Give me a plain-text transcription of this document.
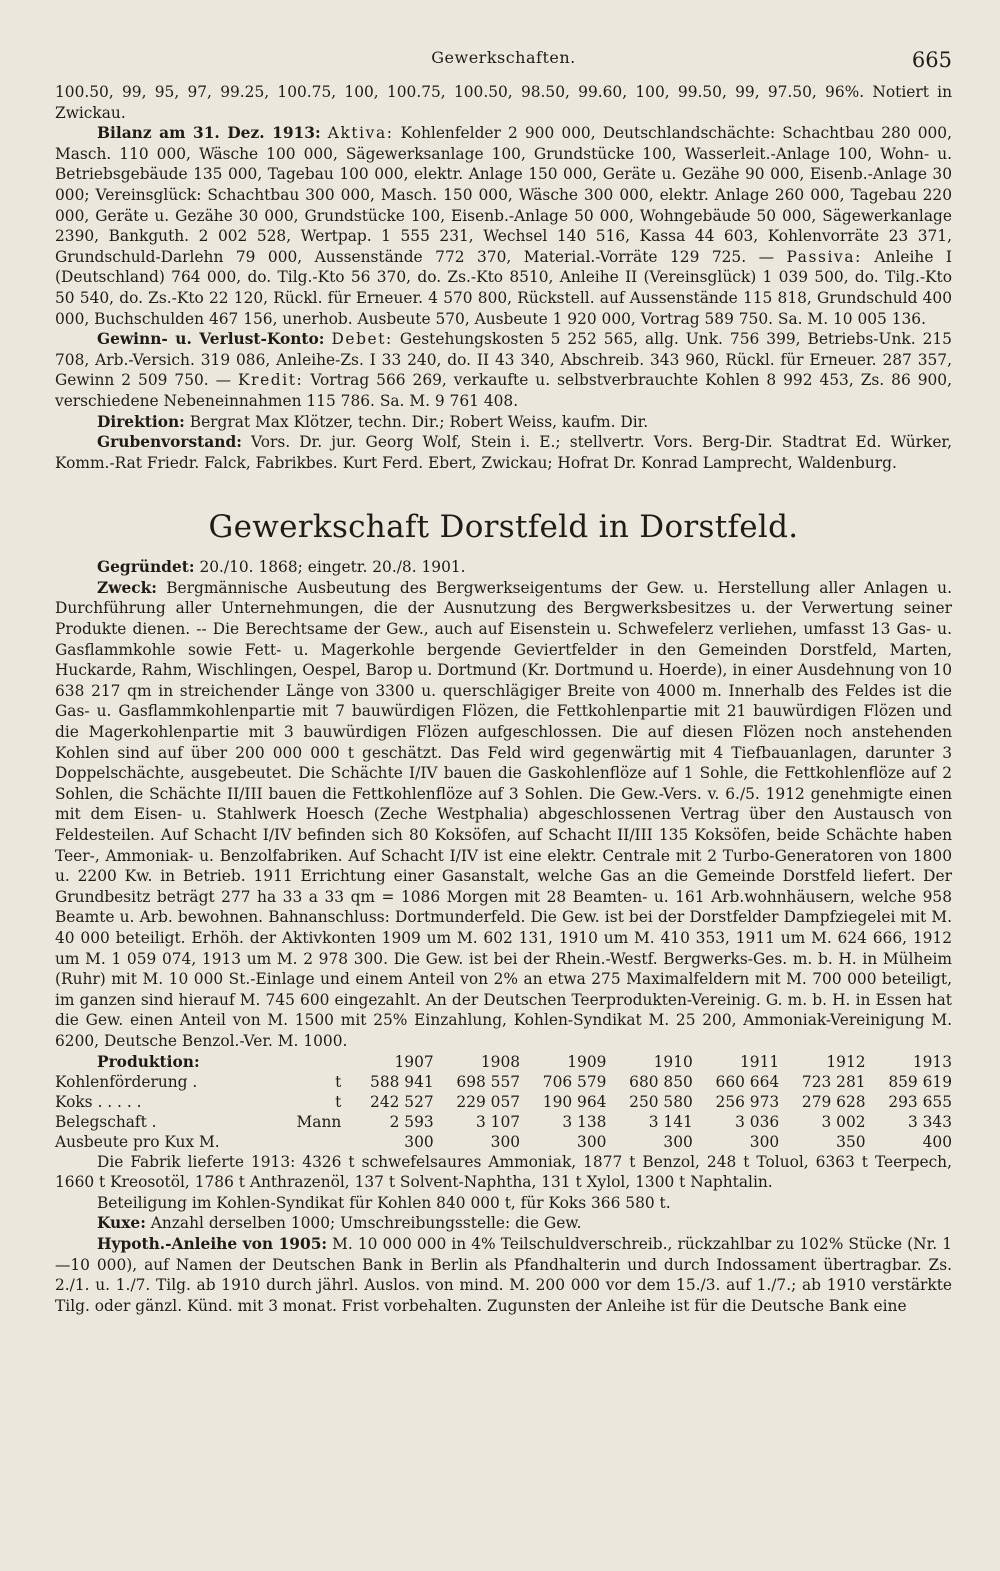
Gewerkschaften.	665

100.50, 99, 95, 97, 99.25, 100.75, 100, 100.75, 100.50, 98.50, 99.60, 100, 99.50, 99, 97.50, 96%. Notiert in Zwickau.

Bilanz am 31. Dez. 1913: Aktiva: Kohlenfelder 2 900 000, Deutschlandschächte: Schachtbau 280 000, Masch. 110 000, Wäsche 100 000, Sägewerksanlage 100, Grundstücke 100, Wasserleit.-Anlage 100, Wohn- u. Betriebsgebäude 135 000, Tagebau 100 000, elektr. Anlage 150 000, Geräte u. Gezähe 90 000, Eisenb.-Anlage 30 000; Vereinsglück: Schachtbau 300 000, Masch. 150 000, Wäsche 300 000, elektr. Anlage 260 000, Tagebau 220 000, Geräte u. Gezähe 30 000, Grundstücke 100, Eisenb.-Anlage 50 000, Wohngebäude 50 000, Sägewerkanlage 2390, Bankguth. 2 002 528, Wertpap. 1 555 231, Wechsel 140 516, Kassa 44 603, Kohlenvorräte 23 371, Grundschuld-Darlehn 79 000, Aussenstände 772 370, Material.-Vorräte 129 725. — Passiva: Anleihe I (Deutschland) 764 000, do. Tilg.-Kto 56 370, do. Zs.-Kto 8510, Anleihe II (Vereinsglück) 1 039 500, do. Tilg.-Kto 50 540, do. Zs.-Kto 22 120, Rückl. für Erneuer. 4 570 800, Rückstell. auf Aussenstände 115 818, Grundschuld 400 000, Buchschulden 467 156, unerhob. Ausbeute 570, Ausbeute 1 920 000, Vortrag 589 750. Sa. M. 10 005 136.

Gewinn- u. Verlust-Konto: Debet: Gestehungskosten 5 252 565, allg. Unk. 756 399, Betriebs-Unk. 215 708, Arb.-Versich. 319 086, Anleihe-Zs. I 33 240, do. II 43 340, Abschreib. 343 960, Rückl. für Erneuer. 287 357, Gewinn 2 509 750. — Kredit: Vortrag 566 269, verkaufte u. selbstverbrauchte Kohlen 8 992 453, Zs. 86 900, verschiedene Nebeneinnahmen 115 786. Sa. M. 9 761 408.

Direktion: Bergrat Max Klötzer, techn. Dir.; Robert Weiss, kaufm. Dir.

Grubenvorstand: Vors. Dr. jur. Georg Wolf, Stein i. E.; stellvertr. Vors. Berg-Dir. Stadtrat Ed. Würker, Komm.-Rat Friedr. Falck, Fabrikbes. Kurt Ferd. Ebert, Zwickau; Hofrat Dr. Konrad Lamprecht, Waldenburg.

Gewerkschaft Dorstfeld in Dorstfeld.

Gegründet: 20./10. 1868; eingetr. 20./8. 1901.

Zweck: Bergmännische Ausbeutung des Bergwerkseigentums der Gew. u. Herstellung aller Anlagen u. Durchführung aller Unternehmungen, die der Ausnutzung des Bergwerksbesitzes u. der Verwertung seiner Produkte dienen. -- Die Berechtsame der Gew., auch auf Eisenstein u. Schwefelerz verliehen, umfasst 13 Gas- u. Gasflammkohle sowie Fett- u. Magerkohle bergende Geviertfelder in den Gemeinden Dorstfeld, Marten, Huckarde, Rahm, Wischlingen, Oespel, Barop u. Dortmund (Kr. Dortmund u. Hoerde), in einer Ausdehnung von 10 638 217 qm in streichender Länge von 3300 u. querschlägiger Breite von 4000 m. Innerhalb des Feldes ist die Gas- u. Gasflammkohlenpartie mit 7 bauwürdigen Flözen, die Fettkohlenpartie mit 21 bauwürdigen Flözen und die Magerkohlenpartie mit 3 bauwürdigen Flözen aufgeschlossen. Die auf diesen Flözen noch anstehenden Kohlen sind auf über 200 000 000 t geschätzt. Das Feld wird gegenwärtig mit 4 Tiefbauanlagen, darunter 3 Doppelschächte, ausgebeutet. Die Schächte I/IV bauen die Gaskohlenflöze auf 1 Sohle, die Fettkohlenflöze auf 2 Sohlen, die Schächte II/III bauen die Fettkohlenflöze auf 3 Sohlen. Die Gew.-Vers. v. 6./5. 1912 genehmigte einen mit dem Eisen- u. Stahlwerk Hoesch (Zeche Westphalia) abgeschlossenen Vertrag über den Austausch von Feldesteilen. Auf Schacht I/IV befinden sich 80 Koksöfen, auf Schacht II/III 135 Koksöfen, beide Schächte haben Teer-, Ammoniak- u. Benzolfabriken. Auf Schacht I/IV ist eine elektr. Centrale mit 2 Turbo-Generatoren von 1800 u. 2200 Kw. in Betrieb. 1911 Errichtung einer Gasanstalt, welche Gas an die Gemeinde Dorstfeld liefert. Der Grundbesitz beträgt 277 ha 33 a 33 qm = 1086 Morgen mit 28 Beamten- u. 161 Arb.wohnhäusern, welche 958 Beamte u. Arb. bewohnen. Bahnanschluss: Dortmunderfeld. Die Gew. ist bei der Dorstfelder Dampfziegelei mit M. 40 000 beteiligt. Erhöh. der Aktivkonten 1909 um M. 602 131, 1910 um M. 410 353, 1911 um M. 624 666, 1912 um M. 1 059 074, 1913 um M. 2 978 300. Die Gew. ist bei der Rhein.-Westf. Bergwerks-Ges. m. b. H. in Mülheim (Ruhr) mit M. 10 000 St.-Einlage und einem Anteil von 2% an etwa 275 Maximalfeldern mit M. 700 000 beteiligt, im ganzen sind hierauf M. 745 600 eingezahlt. An der Deutschen Teerprodukten-Vereinig. G. m. b. H. in Essen hat die Gew. einen Anteil von M. 1500 mit 25% Einzahlung, Kohlen-Syndikat M. 25 200, Ammoniak-Vereinigung M. 6200, Deutsche Benzol.-Ver. M. 1000.

Produktion:		1907	1908	1909	1910	1911	1912	1913
Kohlenförderung .	t	588 941	698 557	706 579	680 850	660 664	723 281	859 619
Koks . . . . .	t	242 527	229 057	190 964	250 580	256 973	279 628	293 655
Belegschaft .	Mann	2 593	3 107	3 138	3 141	3 036	3 002	3 343
Ausbeute pro Kux M.		300	300	300	300	300	350	400

Die Fabrik lieferte 1913: 4326 t schwefelsaures Ammoniak, 1877 t Benzol, 248 t Toluol, 6363 t Teerpech, 1660 t Kreosotöl, 1786 t Anthrazenöl, 137 t Solvent-Naphtha, 131 t Xylol, 1300 t Naphtalin.

Beteiligung im Kohlen-Syndikat für Kohlen 840 000 t, für Koks 366 580 t.

Kuxe: Anzahl derselben 1000; Umschreibungsstelle: die Gew.

Hypoth.-Anleihe von 1905: M. 10 000 000 in 4% Teilschuldverschreib., rückzahlbar zu 102% Stücke (Nr. 1—10 000), auf Namen der Deutschen Bank in Berlin als Pfandhalterin und durch Indossament übertragbar. Zs. 2./1. u. 1./7. Tilg. ab 1910 durch jährl. Auslos. von mind. M. 200 000 vor dem 15./3. auf 1./7.; ab 1910 verstärkte Tilg. oder gänzl. Künd. mit 3 monat. Frist vorbehalten. Zugunsten der Anleihe ist für die Deutsche Bank eine
